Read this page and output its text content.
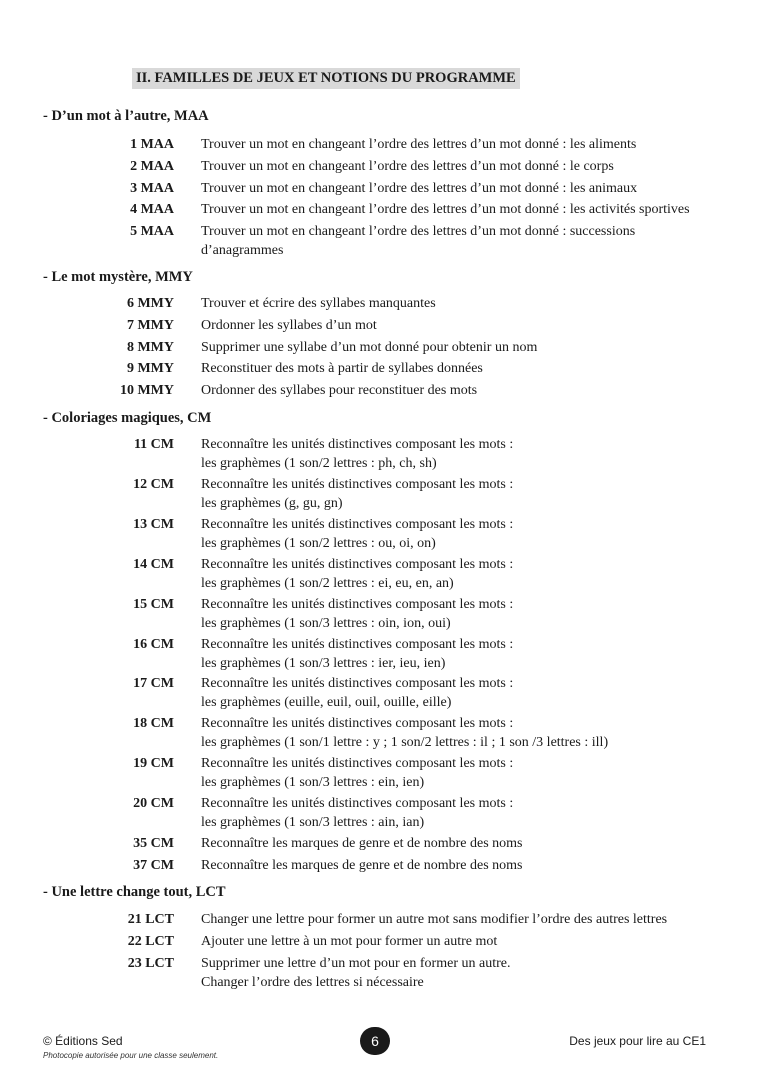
II. FAMILLES DE JEUX ET NOTIONS DU PROGRAMME
- D’un mot à l’autre, MAA
1 MAA Trouver un mot en changeant l’ordre des lettres d’un mot donné : les aliments
2 MAA Trouver un mot en changeant l’ordre des lettres d’un mot donné : le corps
3 MAA Trouver un mot en changeant l’ordre des lettres d’un mot donné : les animaux
4 MAA Trouver un mot en changeant l’ordre des lettres d’un mot donné : les activités sportives
5 MAA Trouver un mot en changeant l’ordre des lettres d’un mot donné : successions
d’anagrammes
- Le mot mystère, MMY
6 MMY Trouver et écrire des syllabes manquantes
7 MMY Ordonner les syllabes d’un mot
8 MMY Supprimer une syllabe d’un mot donné pour obtenir un nom
9 MMY Reconstituer des mots à partir de syllabes données
10 MMY Ordonner des syllabes pour reconstituer des mots
- Coloriages magiques, CM
11 CM Reconnaître les unités distinctives composant les mots :
les graphèmes (1 son/2 lettres : ph, ch, sh)
12 CM Reconnaître les unités distinctives composant les mots :
les graphèmes (g, gu, gn)
13 CM Reconnaître les unités distinctives composant les mots :
les graphèmes (1 son/2 lettres : ou, oi, on)
14 CM Reconnaître les unités distinctives composant les mots :
les graphèmes (1 son/2 lettres : ei, eu, en, an)
15 CM Reconnaître les unités distinctives composant les mots :
les graphèmes (1 son/3 lettres : oin, ion, oui)
16 CM Reconnaître les unités distinctives composant les mots :
les graphèmes (1 son/3 lettres : ier, ieu, ien)
17 CM Reconnaître les unités distinctives composant les mots :
les graphèmes (euille, euil, ouil, ouille, eille)
18 CM Reconnaître les unités distinctives composant les mots :
les graphèmes (1 son/1 lettre : y ; 1 son/2 lettres : il ; 1 son /3 lettres : ill)
19 CM Reconnaître les unités distinctives composant les mots :
les graphèmes (1 son/3 lettres : ein, ien)
20 CM Reconnaître les unités distinctives composant les mots :
les graphèmes (1 son/3 lettres : ain, ian)
35 CM Reconnaître les marques de genre et de nombre des noms
37 CM Reconnaître les marques de genre et de nombre des noms
- Une lettre change tout, LCT
21 LCT Changer une lettre pour former un autre mot sans modifier l’ordre des autres lettres
22 LCT Ajouter une lettre à un mot pour former un autre mot
23 LCT Supprimer une lettre d’un mot pour en former un autre.
Changer l’ordre des lettres si nécessaire
© Éditions Sed
Photocopie autorisée pour une classe seulement.
6	Des jeux pour lire au CE1
